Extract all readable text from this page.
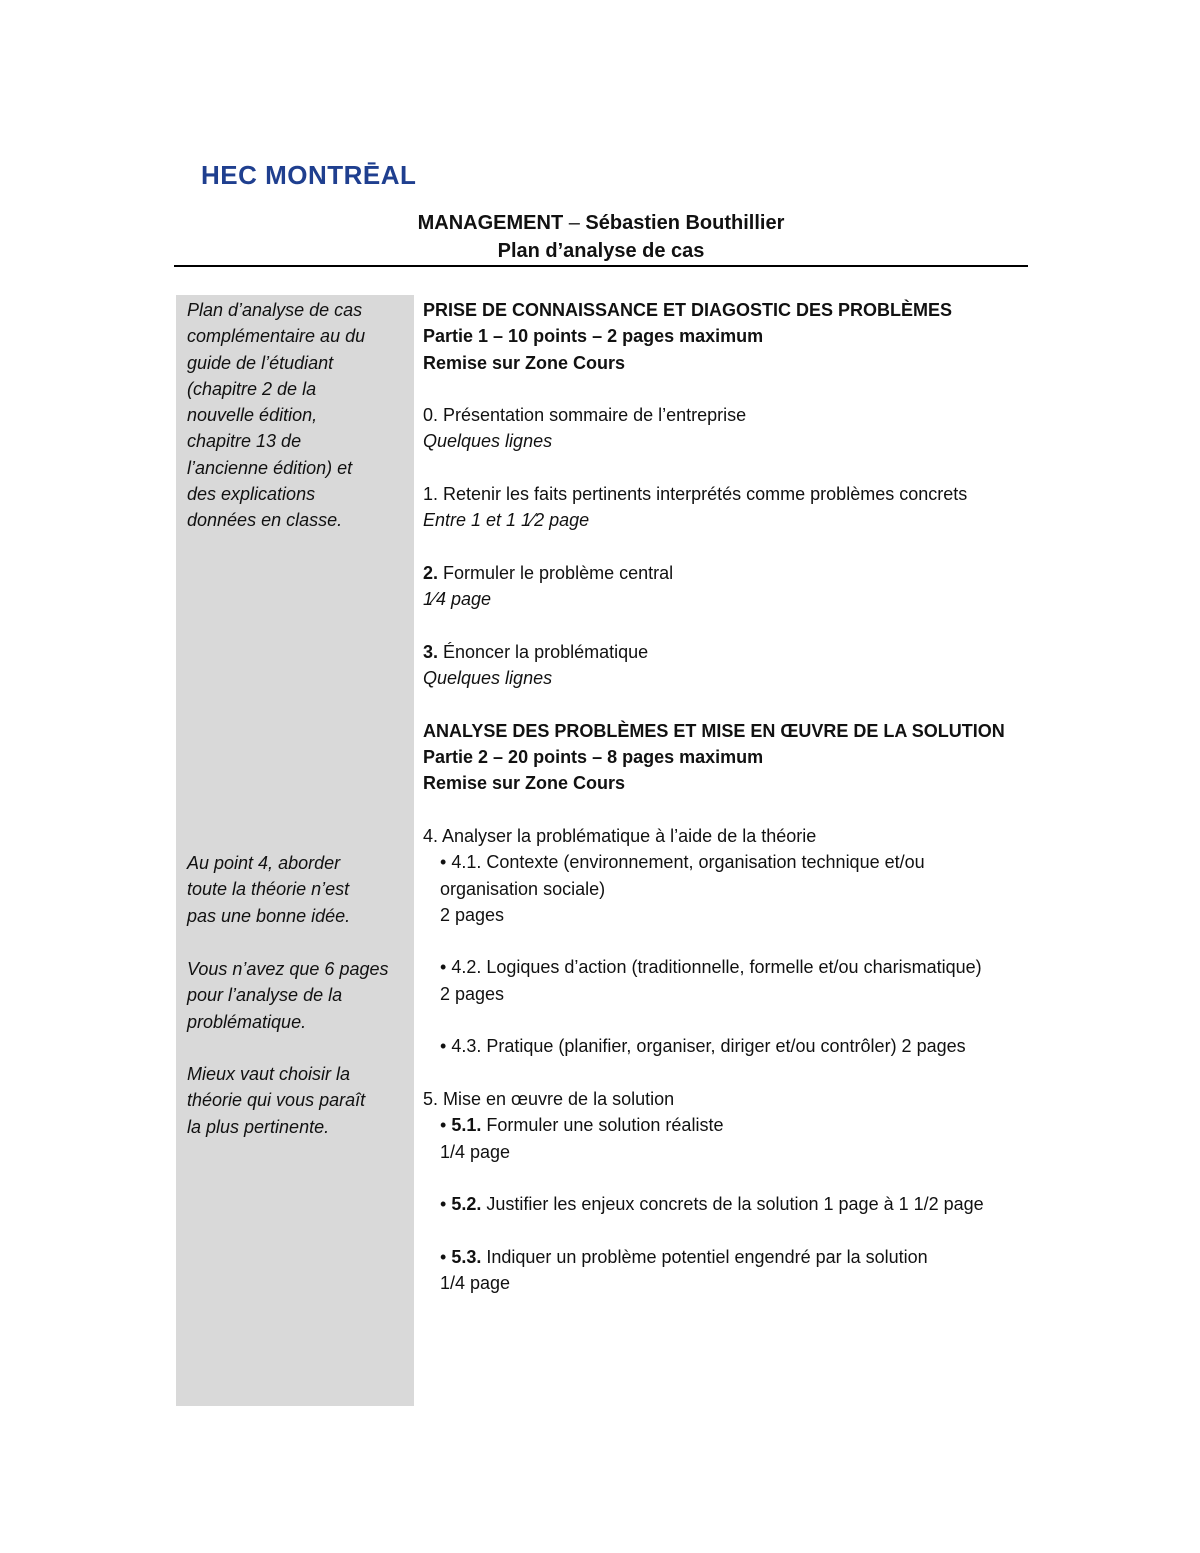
HEC MONTRĒAL
MANAGEMENT – Sébastien Bouthillier
Plan d’analyse de cas
Plan d’analyse de cas
complémentaire au du
guide de l’étudiant
(chapitre 2 de la
nouvelle édition,
chapitre 13 de
l’ancienne édition) et
des explications
données en classe.
Au point 4, aborder
toute la théorie n’est
pas une bonne idée.
Vous n’avez que 6 pages
pour l’analyse de la
problématique.
Mieux vaut choisir la
théorie qui vous paraît
la plus pertinente.

PRISE DE CONNAISSANCE ET DIAGOSTIC DES PROBLÈMES

Partie 1 – 10 points – 2 pages maximum

Remise sur Zone Cours

0. Présentation sommaire de l’entreprise

Quelques lignes

1. Retenir les faits pertinents interprétés comme problèmes concrets

Entre 1 et 1 1⁄2 page

2. Formuler le problème central

1⁄4 page

3. Énoncer la problématique

Quelques lignes

ANALYSE DES PROBLÈMES ET MISE EN ŒUVRE DE LA SOLUTION

Partie 2 – 20 points – 8 pages maximum

Remise sur Zone Cours

4. Analyser la problématique à l’aide de la théorie

• 4.1. Contexte (environnement, organisation technique et/ou organisation sociale)

2 pages

• 4.2. Logiques d’action (traditionnelle, formelle et/ou charismatique)

2 pages

• 4.3. Pratique (planifier, organiser, diriger et/ou contrôler) 2 pages

5. Mise en œuvre de la solution

• 5.1. Formuler une solution réaliste

1/4 page

• 5.2. Justifier les enjeux concrets de la solution 1 page à 1 1/2 page

• 5.3. Indiquer un problème potentiel engendré par la solution

1/4 page
